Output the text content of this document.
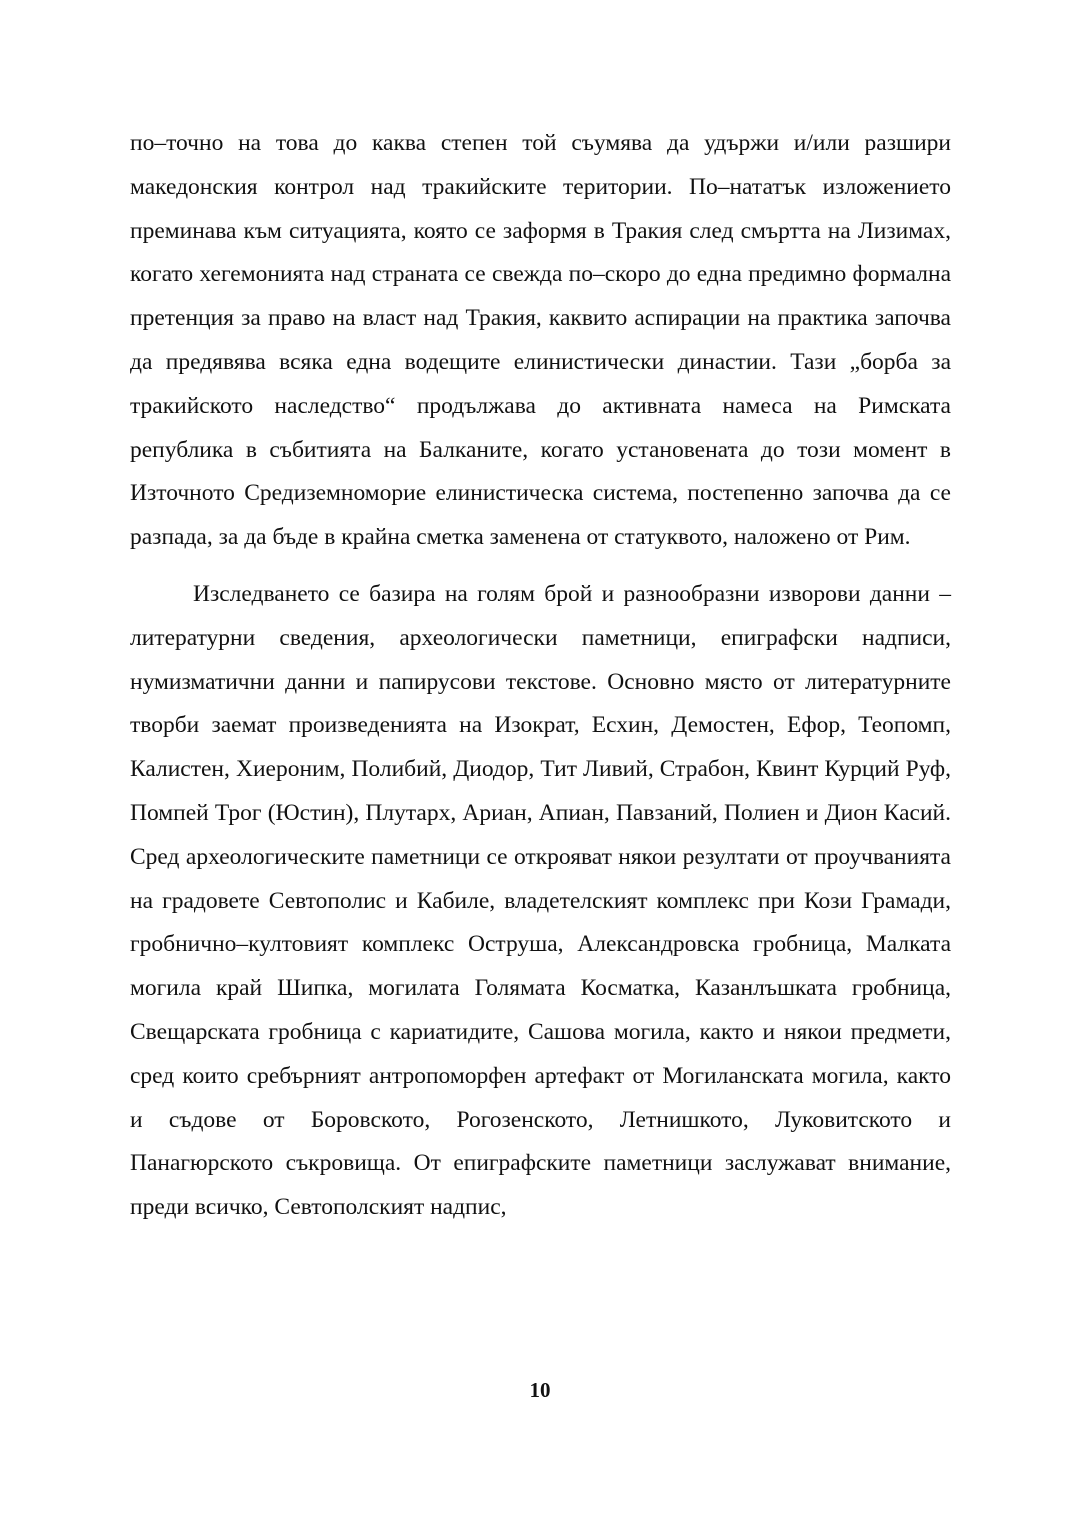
по–точно на това до каква степен той съумява да удържи и/или разшири македонския контрол над тракийските територии. По–нататък изложението преминава към ситуацията, която се заформя в Тракия след смъртта на Лизимах, когато хегемонията над страната се свежда по–скоро до една предимно формална претенция за право на власт над Тракия, каквито аспирации на практика започва да предявява всяка една водещите елинистически династии. Тази „борба за тракийското наследство“ продължава до активната намеса на Римската република в събитията на Балканите, когато установената до този момент в Източното Средиземноморие елинистическа система, постепенно започва да се разпада, за да бъде в крайна сметка заменена от статуквото, наложено от Рим.

Изследването се базира на голям брой и разнообразни изворови данни – литературни сведения, археологически паметници, епиграфски надписи, нумизматични данни и папирусови текстове. Основно място от литературните творби заемат произведенията на Изократ, Есхин, Демостен, Ефор, Теопомп, Калистен, Хиероним, Полибий, Диодор, Тит Ливий, Страбон, Квинт Курций Руф, Помпей Трог (Юстин), Плутарх, Ариан, Апиан, Павзаний, Полиен и Дион Касий. Сред археологическите паметници се открояват някои резултати от проучванията на градовете Севтополис и Кабиле, владетелският комплекс при Кози Грамади, гробнично–култовият комплекс Оструша, Александровска гробница, Малката могила край Шипка, могилата Голямата Косматка, Казанлъшката гробница, Свещарската гробница с кариатидите, Сашова могила, както и някои предмети, сред които сребърният антропоморфен артефакт от Могиланската могила, както и съдове от Боровското, Рогозенското, Летнишкото, Луковитското и Панагюрското съкровища. От епиграфските паметници заслужават внимание, преди всичко, Севтополският надпис,

10
